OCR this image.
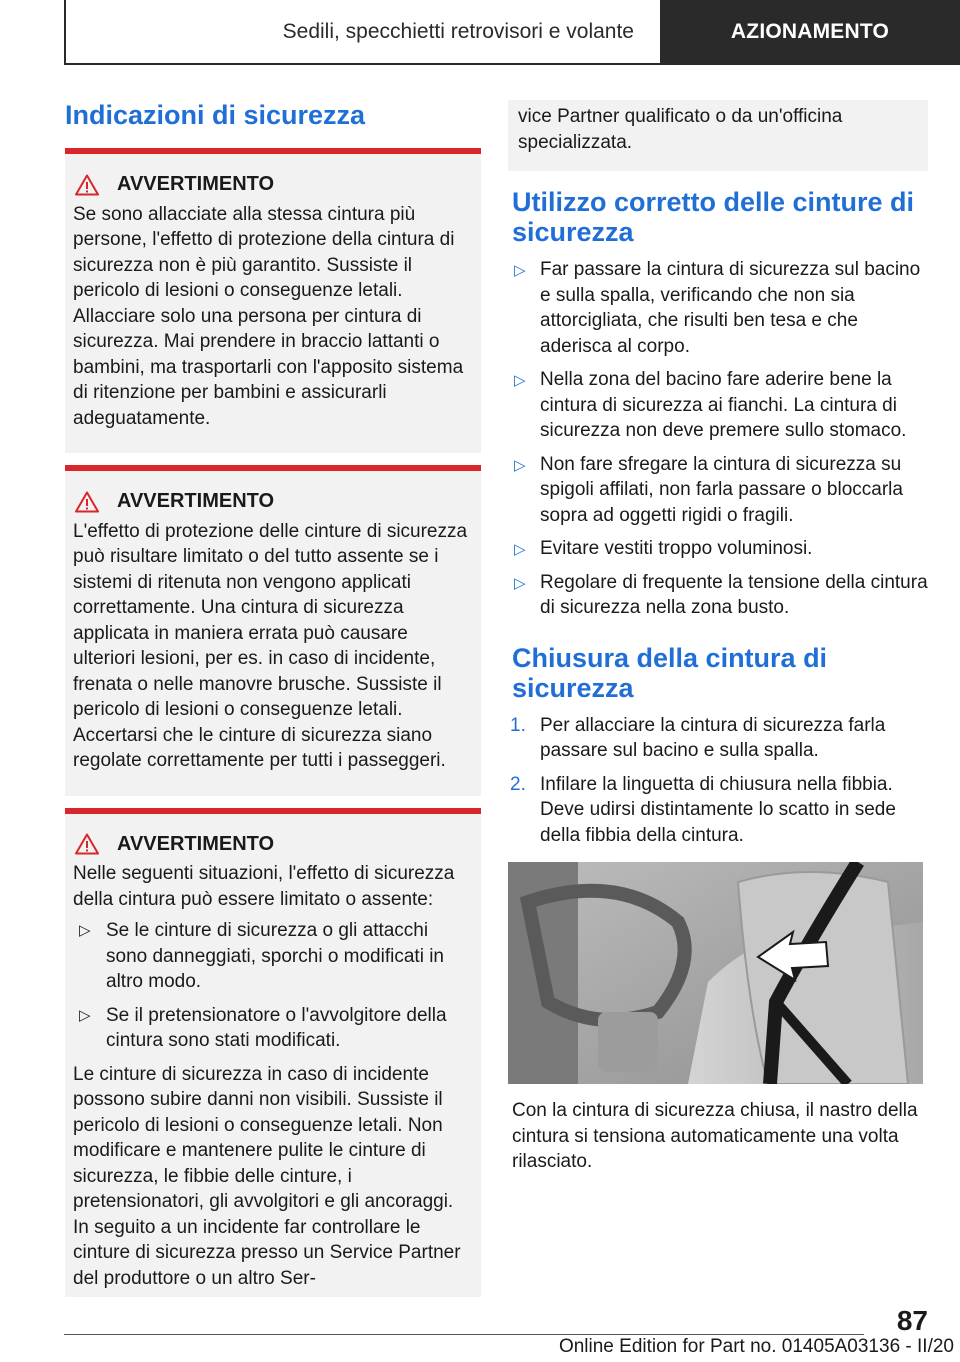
Sedili, specchietti retrovisori e volante	AZIONAMENTO
Indicazioni di sicurezza
AVVERTIMENTO

Se sono allacciate alla stessa cintura più persone, l'effetto di protezione della cintura di sicurezza non è più garantito. Sussiste il pericolo di lesioni o conseguenze letali. Allacciare solo una persona per cintura di sicurezza. Mai prendere in braccio lattanti o bambini, ma trasportarli con l'apposito sistema di ritenzione per bambini e assicurarli adeguatamente.

AVVERTIMENTO

L'effetto di protezione delle cinture di sicurezza può risultare limitato o del tutto assente se i sistemi di ritenuta non vengono applicati correttamente. Una cintura di sicurezza applicata in maniera errata può causare ulteriori lesioni, per es. in caso di incidente, frenata o nelle manovre brusche. Sussiste il pericolo di lesioni o conseguenze letali. Accertarsi che le cinture di sicurezza siano regolate correttamente per tutti i passeggeri.

AVVERTIMENTO

Nelle seguenti situazioni, l'effetto di sicurezza della cintura può essere limitato o assente:

▷ Se le cinture di sicurezza o gli attacchi sono danneggiati, sporchi o modificati in altro modo.
▷ Se il pretensionatore o l'avvolgitore della cintura sono stati modificati.

Le cinture di sicurezza in caso di incidente possono subire danni non visibili. Sussiste il pericolo di lesioni o conseguenze letali. Non modificare e mantenere pulite le cinture di sicurezza, le fibbie delle cinture, i pretensionatori, gli avvolgitori e gli ancoraggi. In seguito a un incidente far controllare le cinture di sicurezza presso un Service Partner del produttore o un altro Ser-

vice Partner qualificato o da un'officina specializzata.

Utilizzo corretto delle cinture di sicurezza
▷ Far passare la cintura di sicurezza sul bacino e sulla spalla, verificando che non sia attorcigliata, che risulti ben tesa e che aderisca al corpo.
▷ Nella zona del bacino fare aderire bene la cintura di sicurezza ai fianchi. La cintura di sicurezza non deve premere sullo stomaco.
▷ Non fare sfregare la cintura di sicurezza su spigoli affilati, non farla passare o bloccarla sopra ad oggetti rigidi o fragili.
▷ Evitare vestiti troppo voluminosi.
▷ Regolare di frequente la tensione della cintura di sicurezza nella zona busto.
Chiusura della cintura di sicurezza
1. Per allacciare la cintura di sicurezza farla passare sul bacino e sulla spalla.
2. Infilare la linguetta di chiusura nella fibbia. Deve udirsi distintamente lo scatto in sede della fibbia della cintura.

Con la cintura di sicurezza chiusa, il nastro della cintura si tensiona automaticamente una volta rilasciato.

87
Online Edition for Part no. 01405A03136 - II/20
